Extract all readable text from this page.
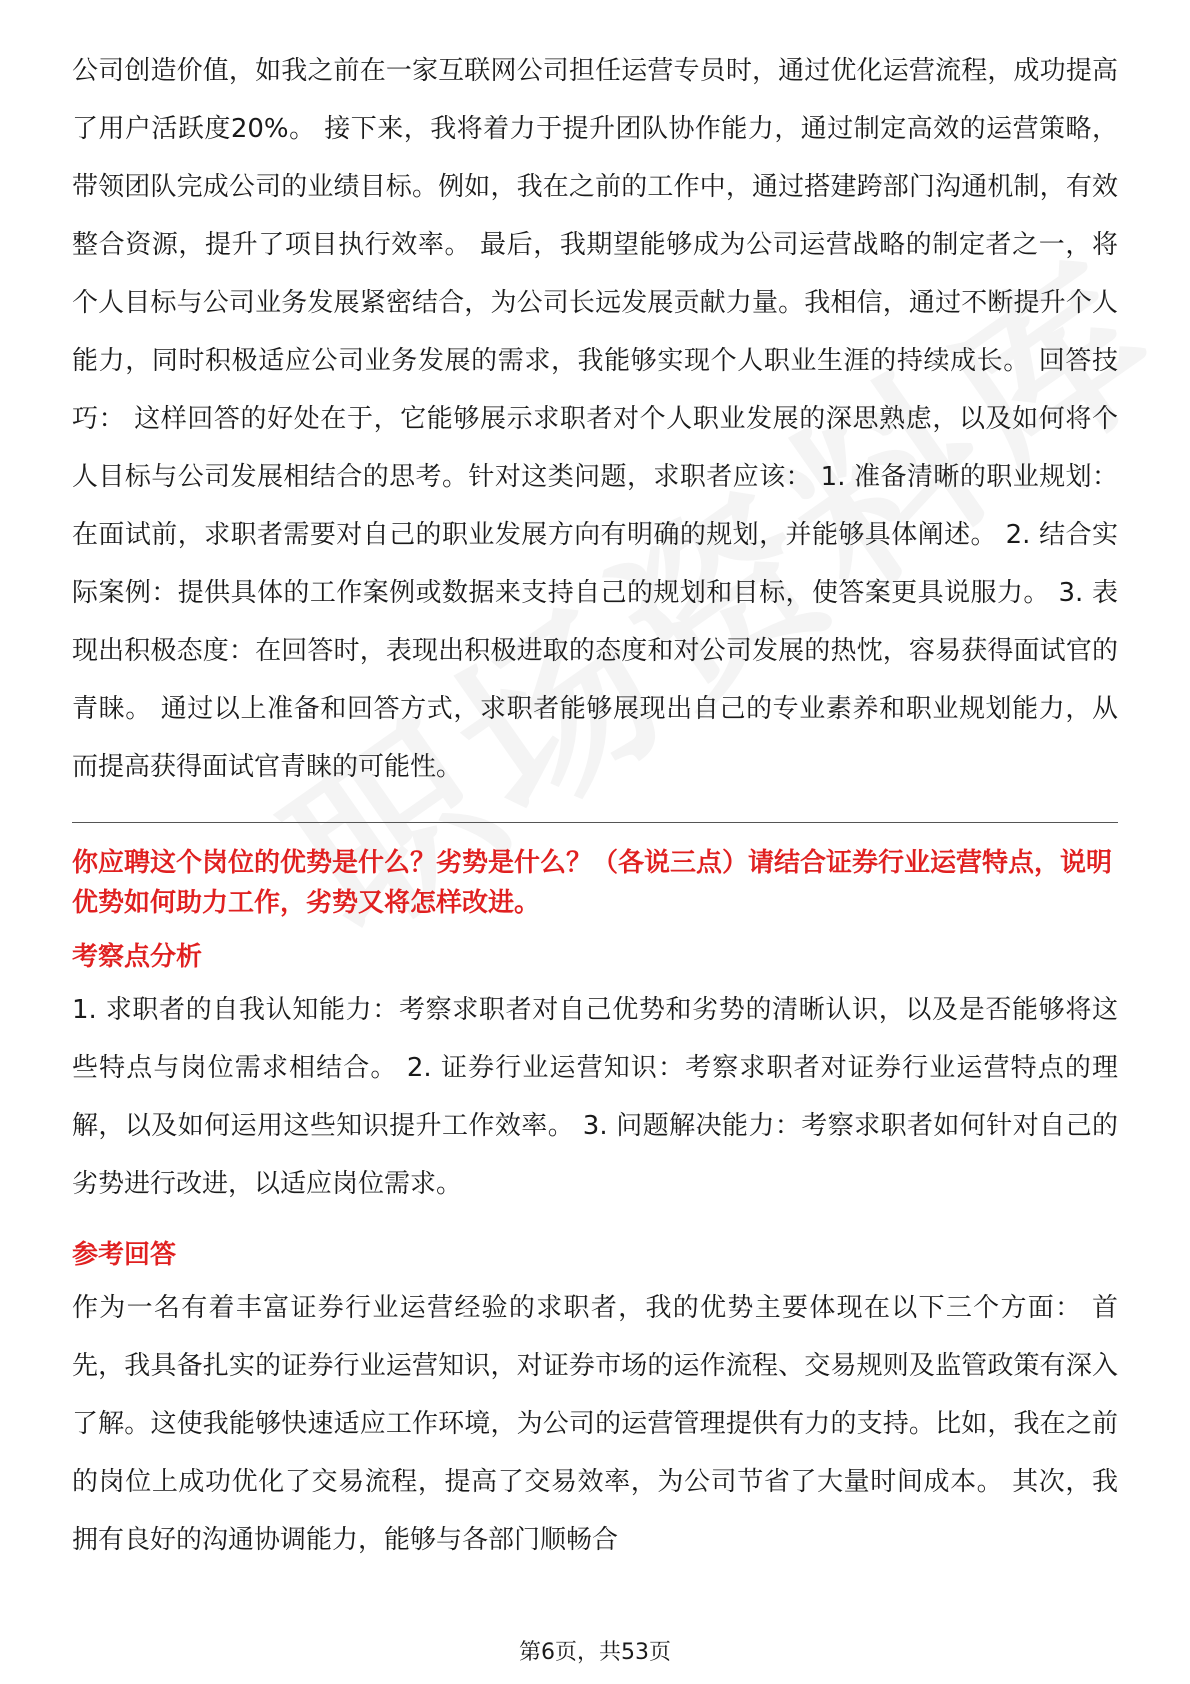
公司创造价值，如我之前在一家互联网公司担任运营专员时，通过优化运营流程，成功提高了用户活跃度20%。 接下来，我将着力于提升团队协作能力，通过制定高效的运营策略，带领团队完成公司的业绩目标。例如，我在之前的工作中，通过搭建跨部门沟通机制，有效整合资源，提升了项目执行效率。 最后，我期望能够成为公司运营战略的制定者之一，将个人目标与公司业务发展紧密结合，为公司长远发展贡献力量。我相信，通过不断提升个人能力，同时积极适应公司业务发展的需求，我能够实现个人职业生涯的持续成长。 回答技巧： 这样回答的好处在于，它能够展示求职者对个人职业发展的深思熟虑，以及如何将个人目标与公司发展相结合的思考。针对这类问题，求职者应该： 1. 准备清晰的职业规划：在面试前，求职者需要对自己的职业发展方向有明确的规划，并能够具体阐述。 2. 结合实际案例：提供具体的工作案例或数据来支持自己的规划和目标，使答案更具说服力。 3. 表现出积极态度：在回答时，表现出积极进取的态度和对公司发展的热忱，容易获得面试官的青睐。 通过以上准备和回答方式，求职者能够展现出自己的专业素养和职业规划能力，从而提高获得面试官青睐的可能性。

你应聘这个岗位的优势是什么？劣势是什么？（各说三点）请结合证券行业运营特点，说明优势如何助力工作，劣势又将怎样改进。

考察点分析

1. 求职者的自我认知能力：考察求职者对自己优势和劣势的清晰认识，以及是否能够将这些特点与岗位需求相结合。 2. 证券行业运营知识：考察求职者对证券行业运营特点的理解，以及如何运用这些知识提升工作效率。 3. 问题解决能力：考察求职者如何针对自己的劣势进行改进，以适应岗位需求。

参考回答

作为一名有着丰富证券行业运营经验的求职者，我的优势主要体现在以下三个方面： 首先，我具备扎实的证券行业运营知识，对证券市场的运作流程、交易规则及监管政策有深入了解。这使我能够快速适应工作环境，为公司的运营管理提供有力的支持。比如，我在之前的岗位上成功优化了交易流程，提高了交易效率，为公司节省了大量时间成本。 其次，我拥有良好的沟通协调能力，能够与各部门顺畅合

第6页，共53页
